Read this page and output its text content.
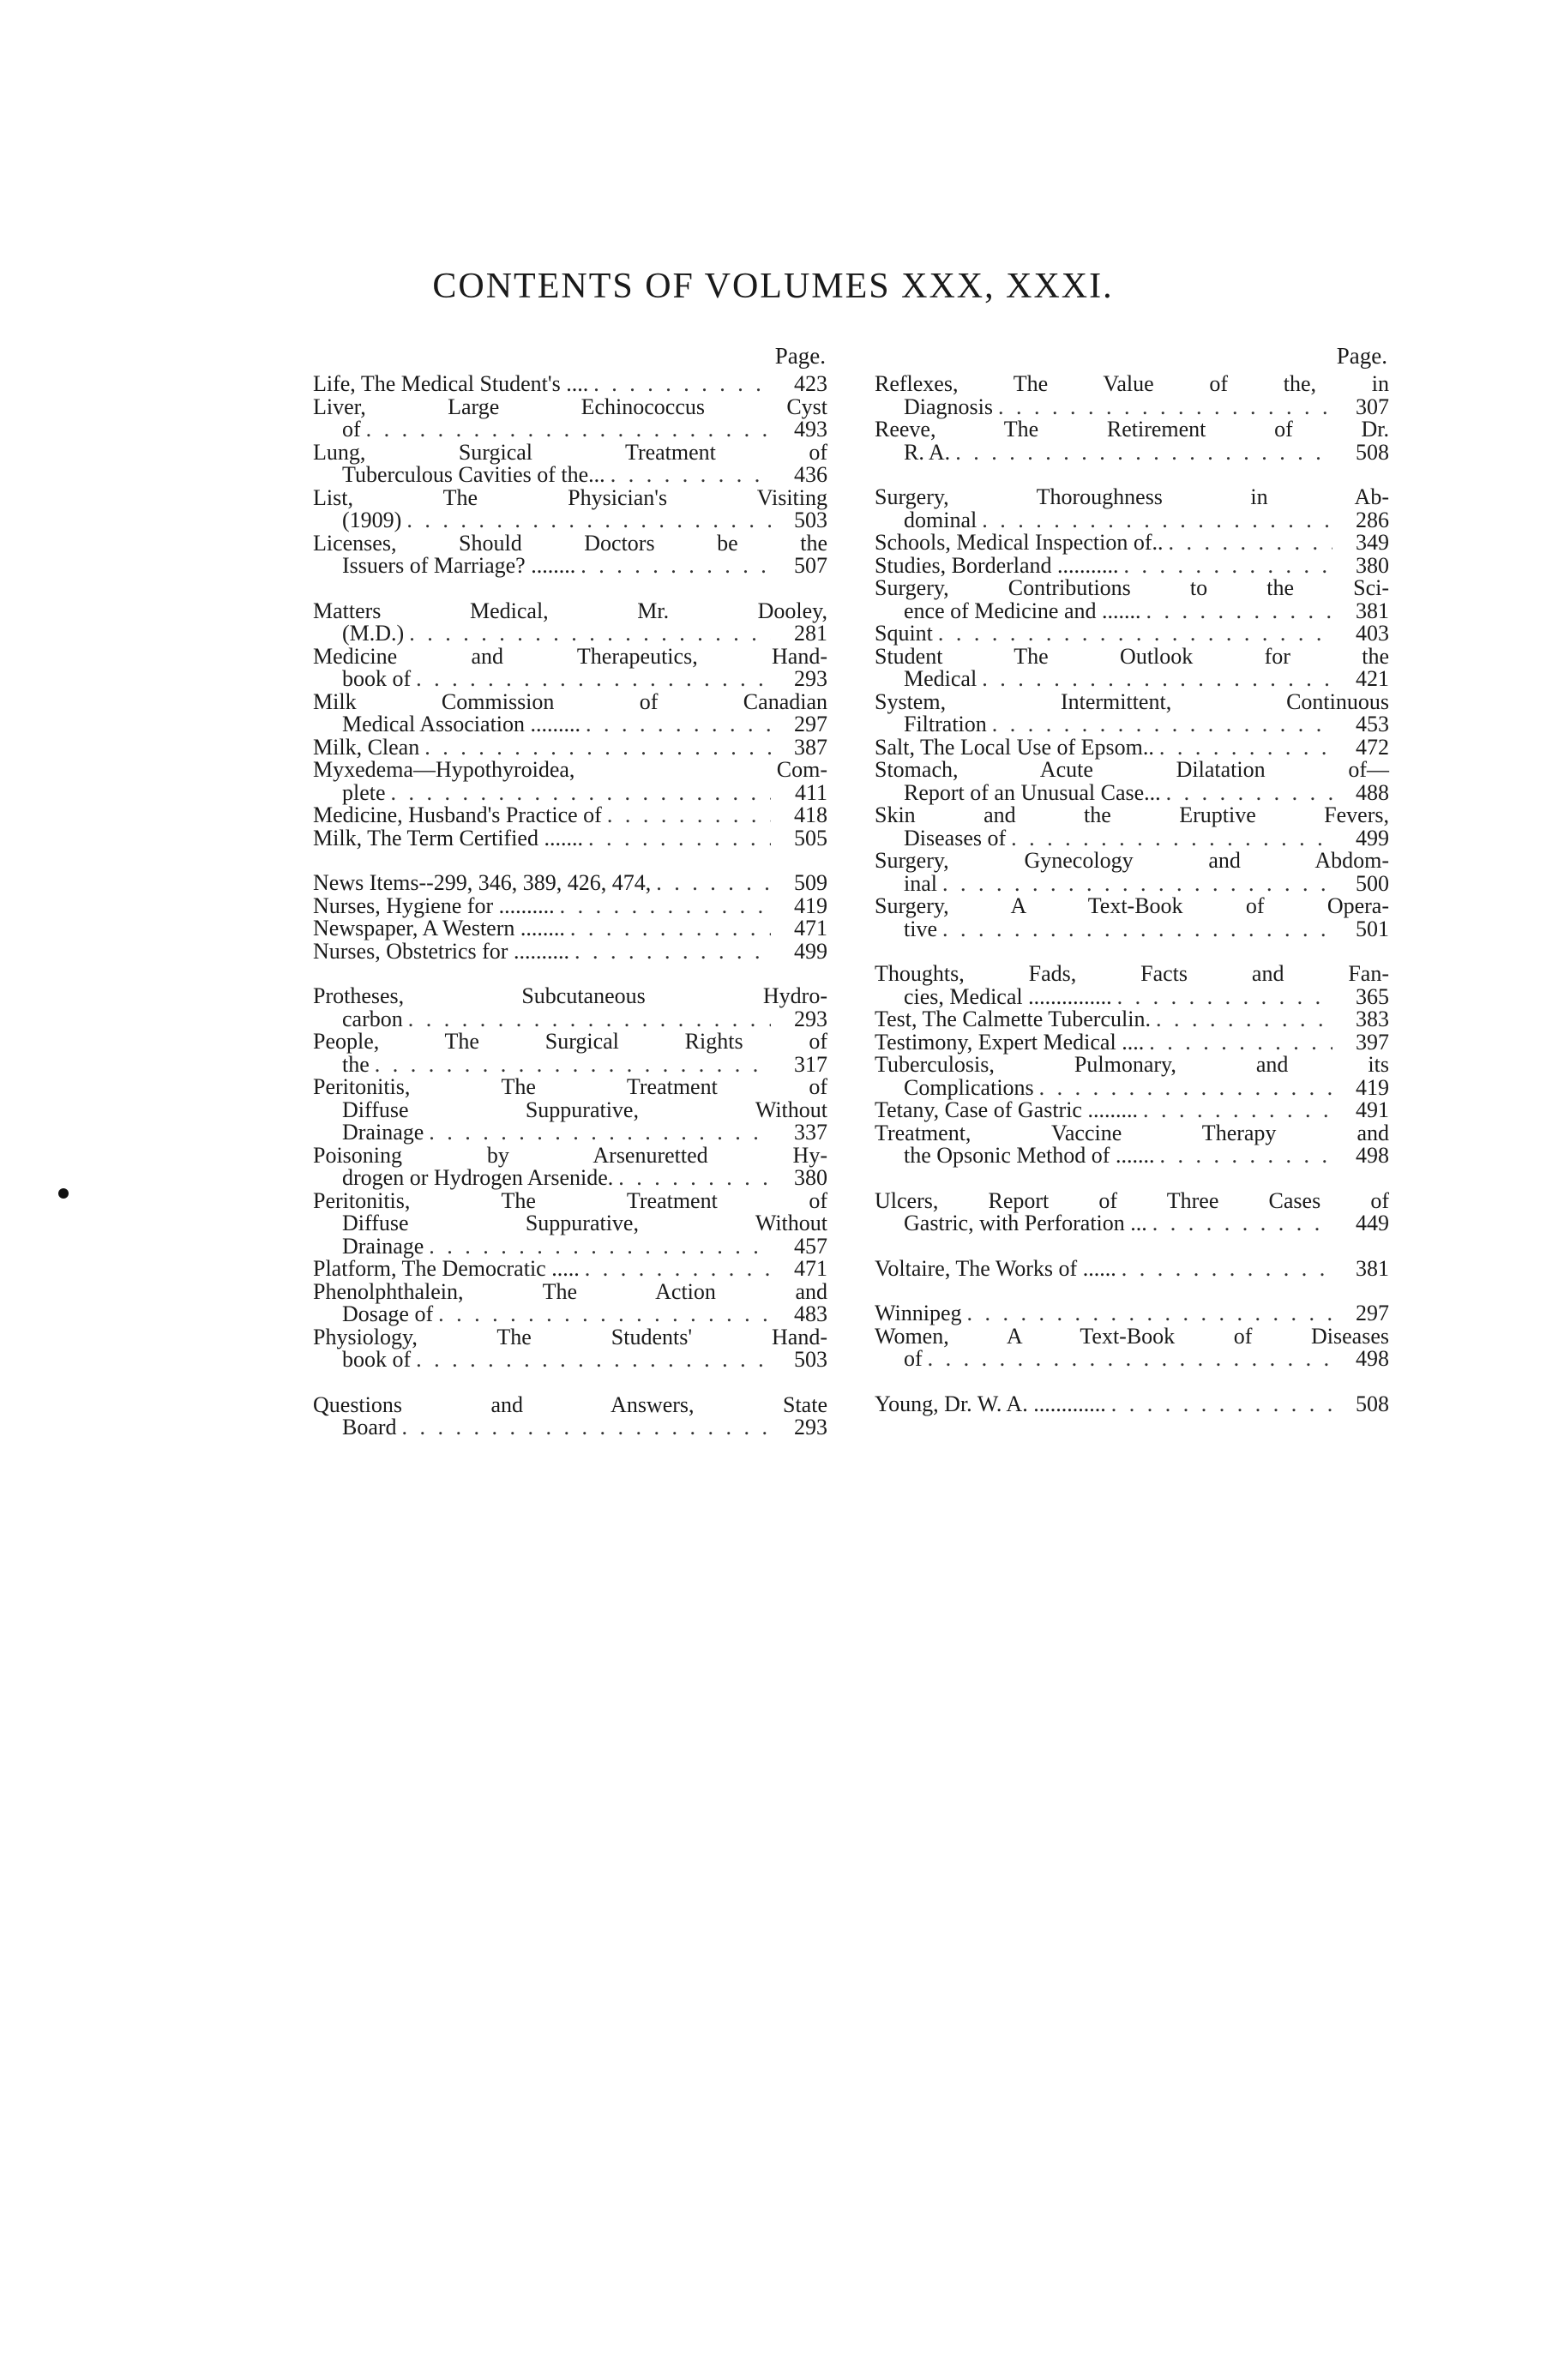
CONTENTS OF VOLUMES XXX, XXXI.
Page.
Life, The Medical Student's .... . . .	423
Liver, Large Echinococcus Cyst
of . . .	493
Lung, Surgical Treatment of
Tuberculous Cavities of the... . . .	436
List, The Physician's Visiting
(1909) . . .	503
Licenses, Should Doctors be the
Issuers of Marriage? ........ . . .	507
Matters Medical, Mr. Dooley,
(M.D.) . . .	281
Medicine and Therapeutics, Hand-
book of . . .	293
Milk Commission of Canadian
Medical Association ......... . . .	297
Milk, Clean . . .	387
Myxedema—Hypothyroidea, Com-
plete . . .	411
Medicine, Husband's Practice of . . .	418
Milk, The Term Certified ....... . . .	505
News Items--299, 346, 389, 426, 474, . . .	509
Nurses, Hygiene for .......... . . .	419
Newspaper, A Western ........ . . .	471
Nurses, Obstetrics for .......... . . .	499
Protheses, Subcutaneous Hydro-
carbon . . .	293
People, The Surgical Rights of
the . . .	317
Peritonitis, The Treatment of
Diffuse Suppurative, Without
Drainage . . .	337
Poisoning by Arsenuretted Hy-
drogen or Hydrogen Arsenide. . . .	380
Peritonitis, The Treatment of
Diffuse Suppurative, Without
Drainage . . .	457
Platform, The Democratic ..... . . .	471
Phenolphthalein, The Action and
Dosage of . . .	483
Physiology, The Students' Hand-
book of . . .	503
Questions and Answers, State
Board . . .	293
Page.
Reflexes, The Value of the, in
Diagnosis . . .	307
Reeve, The Retirement of Dr.
R. A. . . .	508
Surgery, Thoroughness in Ab-
dominal . . .	286
Schools, Medical Inspection of.. . . .	349
Studies, Borderland ........... . . .	380
Surgery, Contributions to the Sci-
ence of Medicine and ....... . . .	381
Squint . . .	403
Student The Outlook for the
Medical . . .	421
System, Intermittent, Continuous
Filtration . . .	453
Salt, The Local Use of Epsom.. . . .	472
Stomach, Acute Dilatation of—
Report of an Unusual Case... . . .	488
Skin and the Eruptive Fevers,
Diseases of . . .	499
Surgery, Gynecology and Abdom-
inal . . .	500
Surgery, A Text-Book of Opera-
tive . . .	501
Thoughts, Fads, Facts and Fan-
cies, Medical ............... . . .	365
Test, The Calmette Tuberculin. . . .	383
Testimony, Expert Medical .... . . .	397
Tuberculosis, Pulmonary, and its
Complications . . .	419
Tetany, Case of Gastric ......... . . .	491
Treatment, Vaccine Therapy and
the Opsonic Method of ....... . . .	498
Ulcers, Report of Three Cases of
Gastric, with Perforation ... . . .	449
Voltaire, The Works of ...... . . .	381
Winnipeg . . .	297
Women, A Text-Book of Diseases
of . . .	498
Young, Dr. W. A. ............. . . .	508
